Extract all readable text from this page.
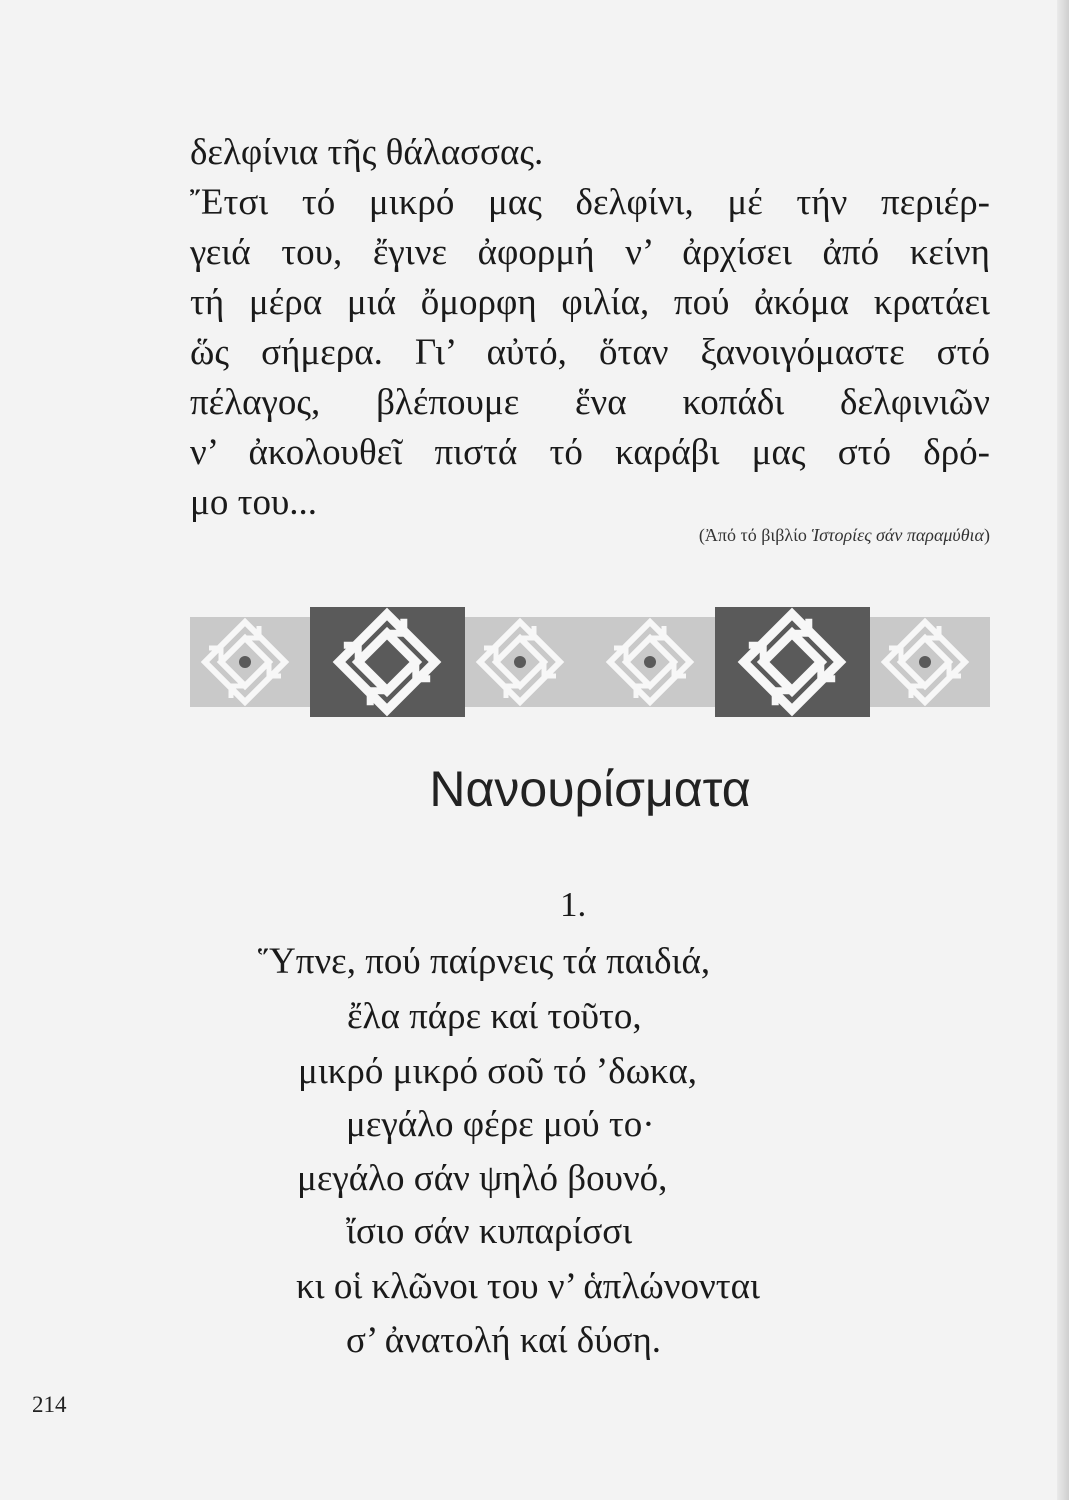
δελφίνια τῆς θάλασσας.
Ἔτσι τό μικρό μας δελφίνι, μέ τήν περιέρ-
γειά του, ἔγινε ἀφορμή ν’ ἀρχίσει ἀπό κείνη
τή μέρα μιά ὄμορφη φιλία, πού ἀκόμα κρατάει
ὥς σήμερα. Γι’ αὐτό, ὅταν ξανοιγόμαστε στό
πέλαγος, βλέπουμε ἕνα κοπάδι δελφινιῶν
ν’ ἀκολουθεῖ πιστά τό καράβι μας στό δρό-
μο του...
(Ἀπό τό βιβλίο Ἱστορίες σάν παραμύθια)
Νανουρίσματα
1.
Ὕπνε, πού παίρνεις τά παιδιά,
ἔλα πάρε καί τοῦτο,
μικρό μικρό σοῦ τό ’δωκα,
μεγάλο φέρε μού το·
μεγάλο σάν ψηλό βουνό,
ἴσιο σάν κυπαρίσσι
κι οἱ κλῶνοι του ν’ ἁπλώνονται
σ’ ἀνατολή καί δύση.
214
